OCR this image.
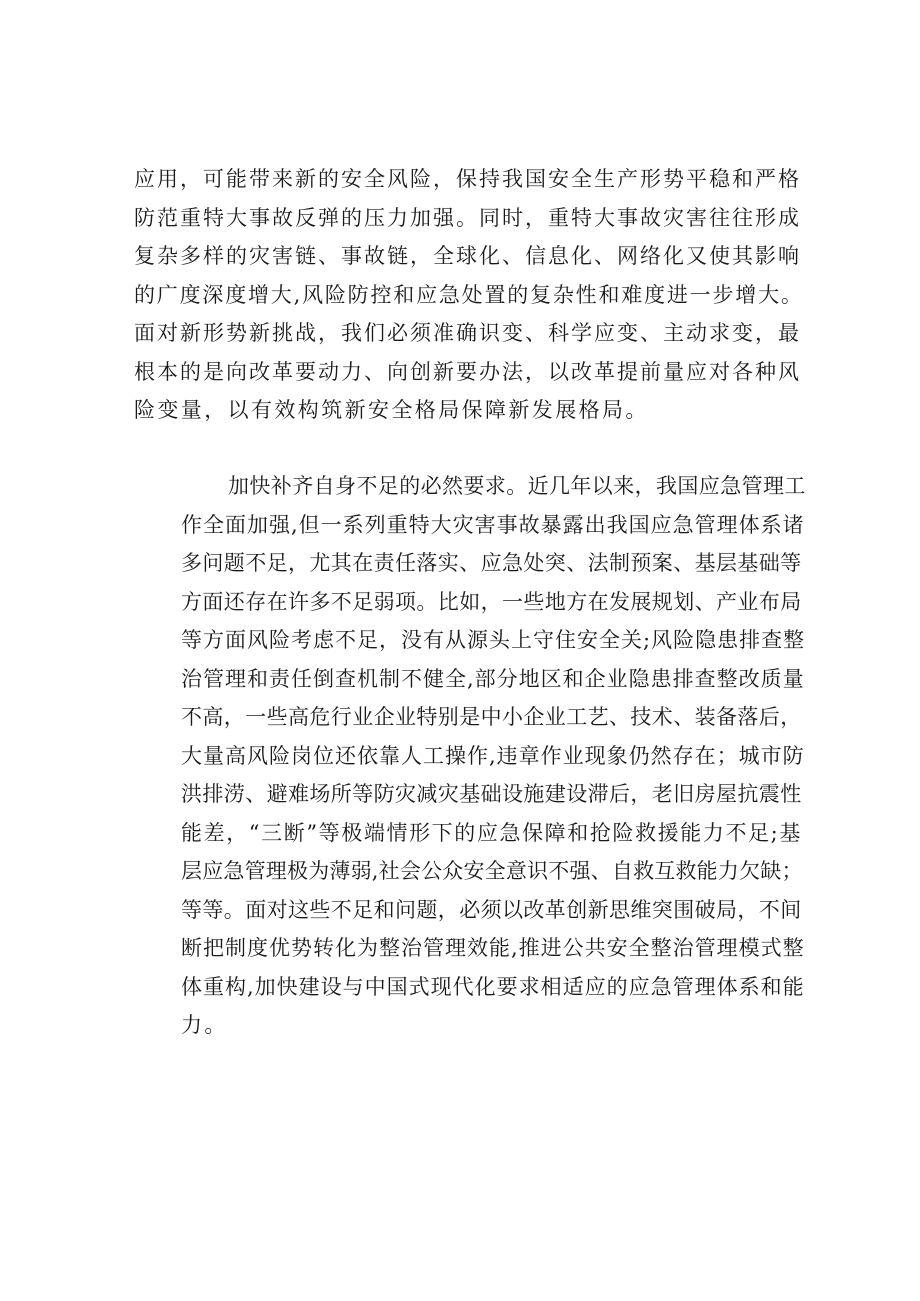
应用，可能带来新的安全风险，保持我国安全生产形势平稳和严格
防范重特大事故反弹的压力加强。同时，重特大事故灾害往往形成
复杂多样的灾害链、事故链，全球化、信息化、网络化又使其影响
的广度深度增大,风险防控和应急处置的复杂性和难度进一步增大。
面对新形势新挑战，我们必须准确识变、科学应变、主动求变，最
根本的是向改革要动力、向创新要办法，以改革提前量应对各种风
险变量，以有效构筑新安全格局保障新发展格局。
加快补齐自身不足的必然要求。近几年以来，我国应急管理工
作全面加强,但一系列重特大灾害事故暴露出我国应急管理体系诸
多问题不足，尤其在责任落实、应急处突、法制预案、基层基础等
方面还存在许多不足弱项。比如，一些地方在发展规划、产业布局
等方面风险考虑不足，没有从源头上守住安全关;风险隐患排查整
治管理和责任倒查机制不健全,部分地区和企业隐患排查整改质量
不高，一些高危行业企业特别是中小企业工艺、技术、装备落后，
大量高风险岗位还依靠人工操作,违章作业现象仍然存在；城市防
洪排涝、避难场所等防灾减灾基础设施建设滞后，老旧房屋抗震性
能差，“三断”等极端情形下的应急保障和抢险救援能力不足;基
层应急管理极为薄弱,社会公众安全意识不强、自救互救能力欠缺；
等等。面对这些不足和问题，必须以改革创新思维突围破局，不间
断把制度优势转化为整治管理效能,推进公共安全整治管理模式整
体重构,加快建设与中国式现代化要求相适应的应急管理体系和能
力。
